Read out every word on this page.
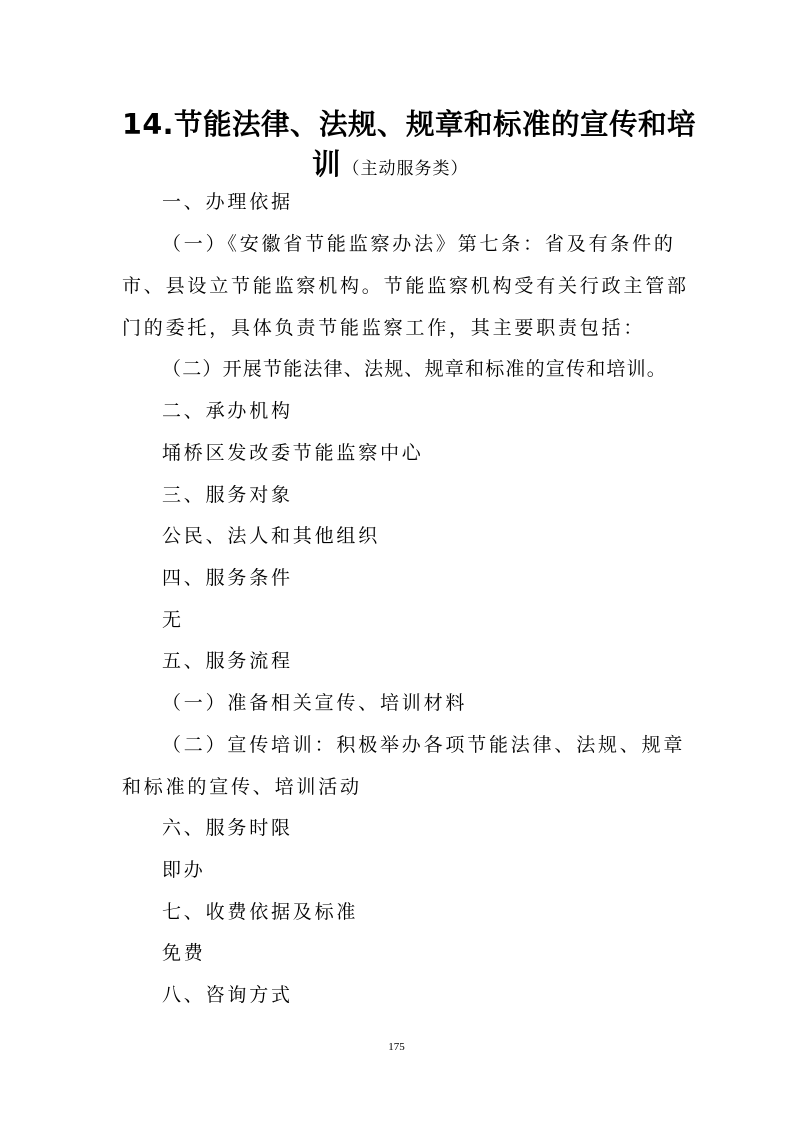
14.节能法律、法规、规章和标准的宣传和培
训 （主动服务类）
一、办理依据
（一）《安徽省节能监察办法》第七条：省及有条件的
市、县设立节能监察机构。节能监察机构受有关行政主管部
门的委托，具体负责节能监察工作，其主要职责包括：
（二）开展节能法律、法规、规章和标准的宣传和培训。
二、承办机构
埇桥区发改委节能监察中心
三、服务对象
公民、法人和其他组织
四、服务条件
无
五、服务流程
（一）准备相关宣传、培训材料
（二）宣传培训：积极举办各项节能法律、法规、规章
和标准的宣传、培训活动
六、服务时限
即办
七、收费依据及标准
免费
八、咨询方式
175
